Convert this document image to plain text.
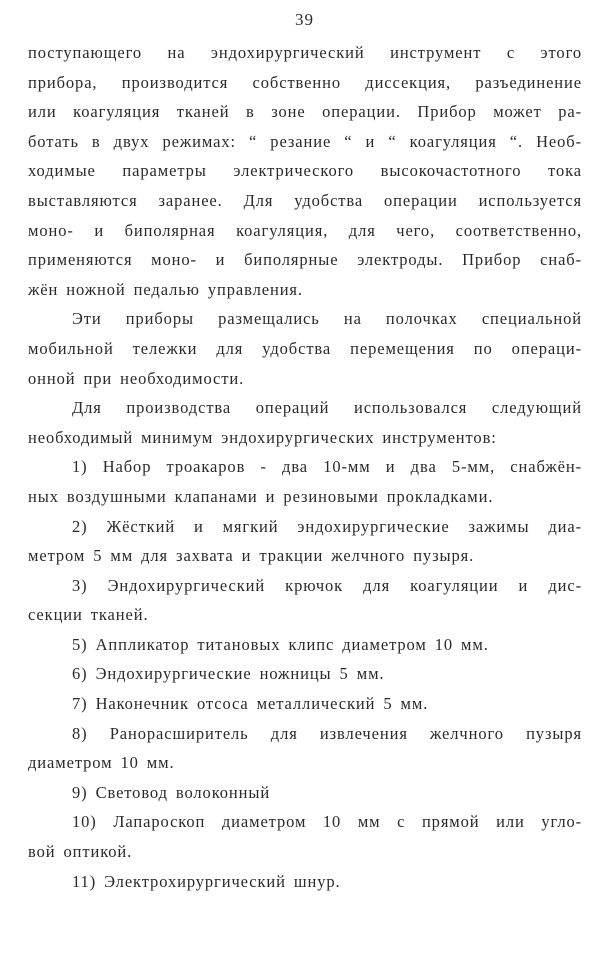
39
поступающего на эндохирургический инструмент с этого
прибора, производится собственно диссекция, разъединение
или коагуляция тканей в зоне операции. Прибор может ра-
ботать в двух режимах: “ резание “ и “ коагуляция “. Необ-
ходимые параметры электрического высокочастотного тока
выставляются заранее. Для удобства операции используется
моно- и биполярная коагуляция, для чего, соответственно,
применяются моно- и биполярные электроды. Прибор снаб-
жён ножной педалью управления.
Эти приборы размещались на полочках специальной
мобильной тележки для удобства перемещения по операци-
онной при необходимости.
Для производства операций использовался следующий
необходимый минимум эндохирургических инструментов:
1) Набор троакаров - два 10-мм и два 5-мм, снабжён-
ных воздушными клапанами и резиновыми прокладками.
2) Жёсткий и мягкий эндохирургические зажимы диа-
метром 5 мм для захвата и тракции желчного пузыря.
3) Эндохирургический крючок для коагуляции и дис-
секции тканей.
5) Аппликатор титановых клипс диаметром 10 мм.
6) Эндохирургические ножницы 5 мм.
7) Наконечник отсоса металлический 5 мм.
8) Ранорасширитель для извлечения желчного пузыря
диаметром 10 мм.
9) Световод волоконный
10) Лапароскоп диаметром 10 мм с прямой или угло-
вой оптикой.
11) Электрохирургический шнур.
